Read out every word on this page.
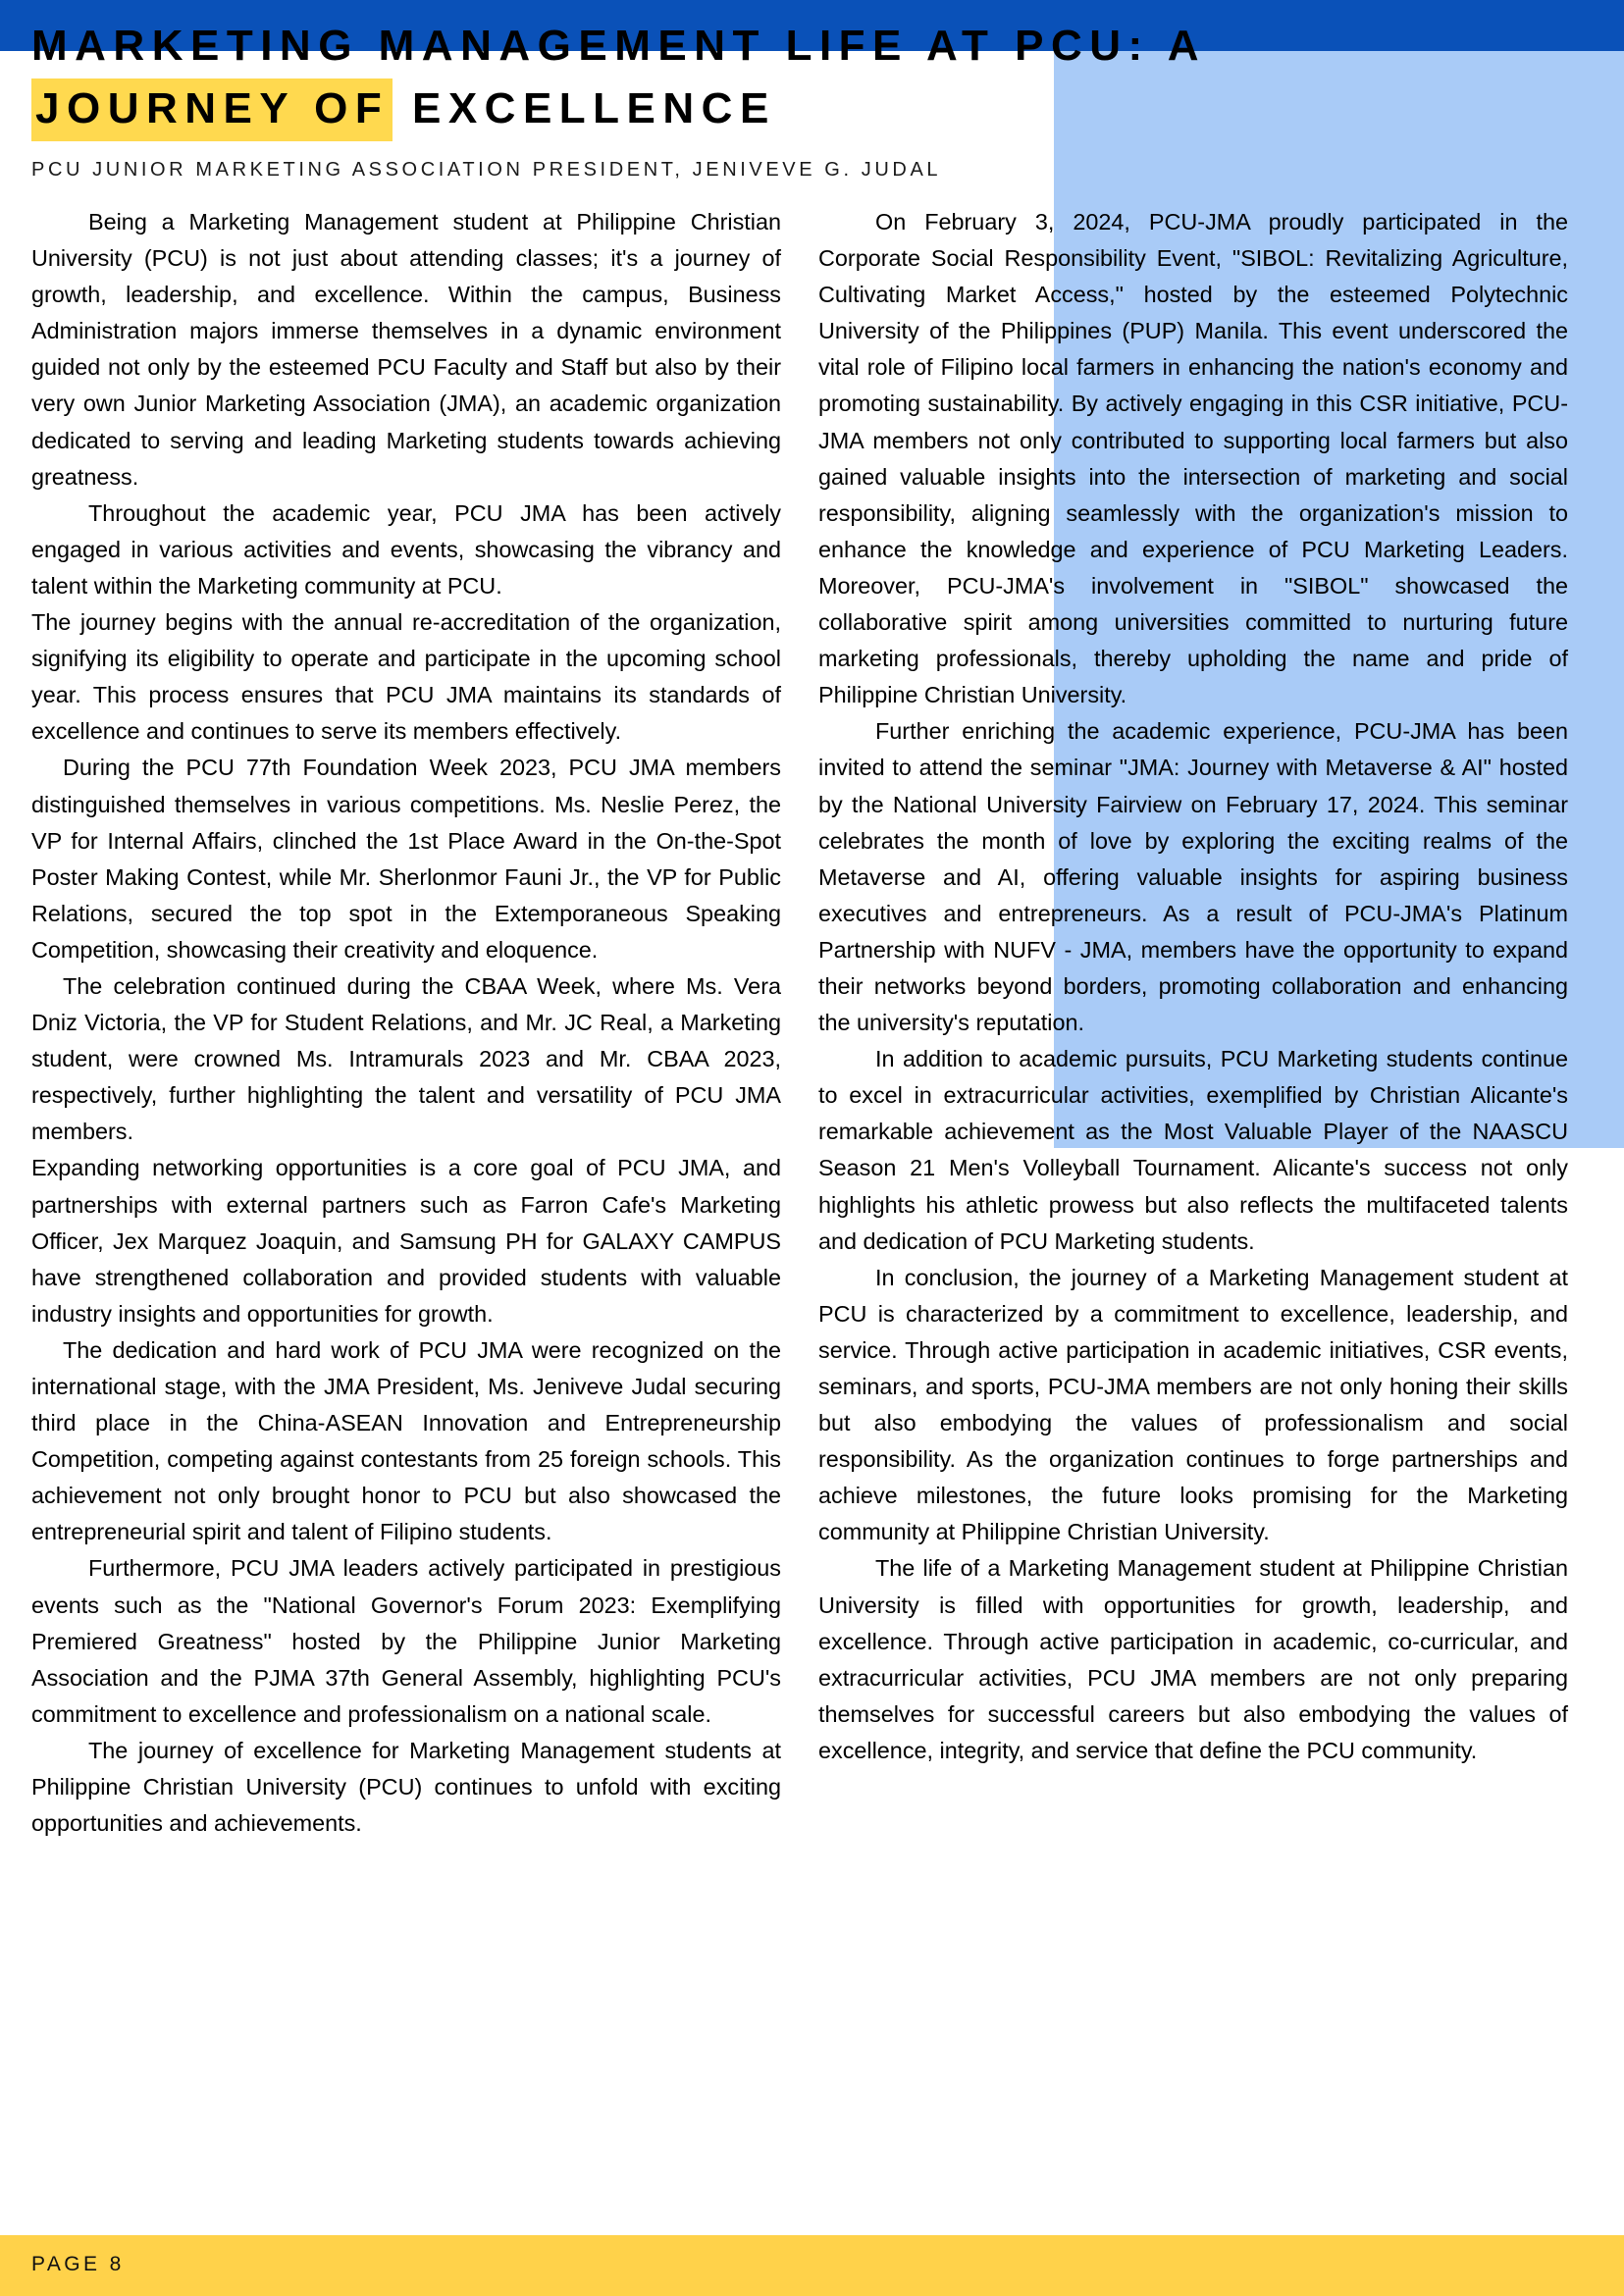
MARKETING MANAGEMENT LIFE AT PCU: A
JOURNEY OF EXCELLENCE
PCU JUNIOR MARKETING ASSOCIATION PRESIDENT, JENIVEVE G. JUDAL

Being a Marketing Management student at Philippine Christian University (PCU) is not just about attending classes; it's a journey of growth, leadership, and excellence. Within the campus, Business Administration majors immerse themselves in a dynamic environment guided not only by the esteemed PCU Faculty and Staff but also by their very own Junior Marketing Association (JMA), an academic organization dedicated to serving and leading Marketing students towards achieving greatness.

Throughout the academic year, PCU JMA has been actively engaged in various activities and events, showcasing the vibrancy and talent within the Marketing community at PCU.

The journey begins with the annual re-accreditation of the organization, signifying its eligibility to operate and participate in the upcoming school year. This process ensures that PCU JMA maintains its standards of excellence and continues to serve its members effectively.

During the PCU 77th Foundation Week 2023, PCU JMA members distinguished themselves in various competitions. Ms. Neslie Perez, the VP for Internal Affairs, clinched the 1st Place Award in the On-the-Spot Poster Making Contest, while Mr. Sherlonmor Fauni Jr., the VP for Public Relations, secured the top spot in the Extemporaneous Speaking Competition, showcasing their creativity and eloquence.

The celebration continued during the CBAA Week, where Ms. Vera Dniz Victoria, the VP for Student Relations, and Mr. JC Real, a Marketing student, were crowned Ms. Intramurals 2023 and Mr. CBAA 2023, respectively, further highlighting the talent and versatility of PCU JMA members.

Expanding networking opportunities is a core goal of PCU JMA, and partnerships with external partners such as Farron Cafe's Marketing Officer, Jex Marquez Joaquin, and Samsung PH for GALAXY CAMPUS have strengthened collaboration and provided students with valuable industry insights and opportunities for growth.

The dedication and hard work of PCU JMA were recognized on the international stage, with the JMA President, Ms. Jeniveve Judal securing third place in the China-ASEAN Innovation and Entrepreneurship Competition, competing against contestants from 25 foreign schools. This achievement not only brought honor to PCU but also showcased the entrepreneurial spirit and talent of Filipino students.

Furthermore, PCU JMA leaders actively participated in prestigious events such as the "National Governor's Forum 2023: Exemplifying Premiered Greatness" hosted by the Philippine Junior Marketing Association and the PJMA 37th General Assembly, highlighting PCU's commitment to excellence and professionalism on a national scale.

The journey of excellence for Marketing Management students at Philippine Christian University (PCU) continues to unfold with exciting opportunities and achievements.

On February 3, 2024, PCU-JMA proudly participated in the Corporate Social Responsibility Event, "SIBOL: Revitalizing Agriculture, Cultivating Market Access," hosted by the esteemed Polytechnic University of the Philippines (PUP) Manila. This event underscored the vital role of Filipino local farmers in enhancing the nation's economy and promoting sustainability. By actively engaging in this CSR initiative, PCU-JMA members not only contributed to supporting local farmers but also gained valuable insights into the intersection of marketing and social responsibility, aligning seamlessly with the organization's mission to enhance the knowledge and experience of PCU Marketing Leaders. Moreover, PCU-JMA's involvement in "SIBOL" showcased the collaborative spirit among universities committed to nurturing future marketing professionals, thereby upholding the name and pride of Philippine Christian University.

Further enriching the academic experience, PCU-JMA has been invited to attend the seminar "JMA: Journey with Metaverse & AI" hosted by the National University Fairview on February 17, 2024. This seminar celebrates the month of love by exploring the exciting realms of the Metaverse and AI, offering valuable insights for aspiring business executives and entrepreneurs. As a result of PCU-JMA's Platinum Partnership with NUFV - JMA, members have the opportunity to expand their networks beyond borders, promoting collaboration and enhancing the university's reputation.

In addition to academic pursuits, PCU Marketing students continue to excel in extracurricular activities, exemplified by Christian Alicante's remarkable achievement as the Most Valuable Player of the NAASCU Season 21 Men's Volleyball Tournament. Alicante's success not only highlights his athletic prowess but also reflects the multifaceted talents and dedication of PCU Marketing students.

In conclusion, the journey of a Marketing Management student at PCU is characterized by a commitment to excellence, leadership, and service. Through active participation in academic initiatives, CSR events, seminars, and sports, PCU-JMA members are not only honing their skills but also embodying the values of professionalism and social responsibility. As the organization continues to forge partnerships and achieve milestones, the future looks promising for the Marketing community at Philippine Christian University.

The life of a Marketing Management student at Philippine Christian University is filled with opportunities for growth, leadership, and excellence. Through active participation in academic, co-curricular, and extracurricular activities, PCU JMA members are not only preparing themselves for successful careers but also embodying the values of excellence, integrity, and service that define the PCU community.

PAGE 8
